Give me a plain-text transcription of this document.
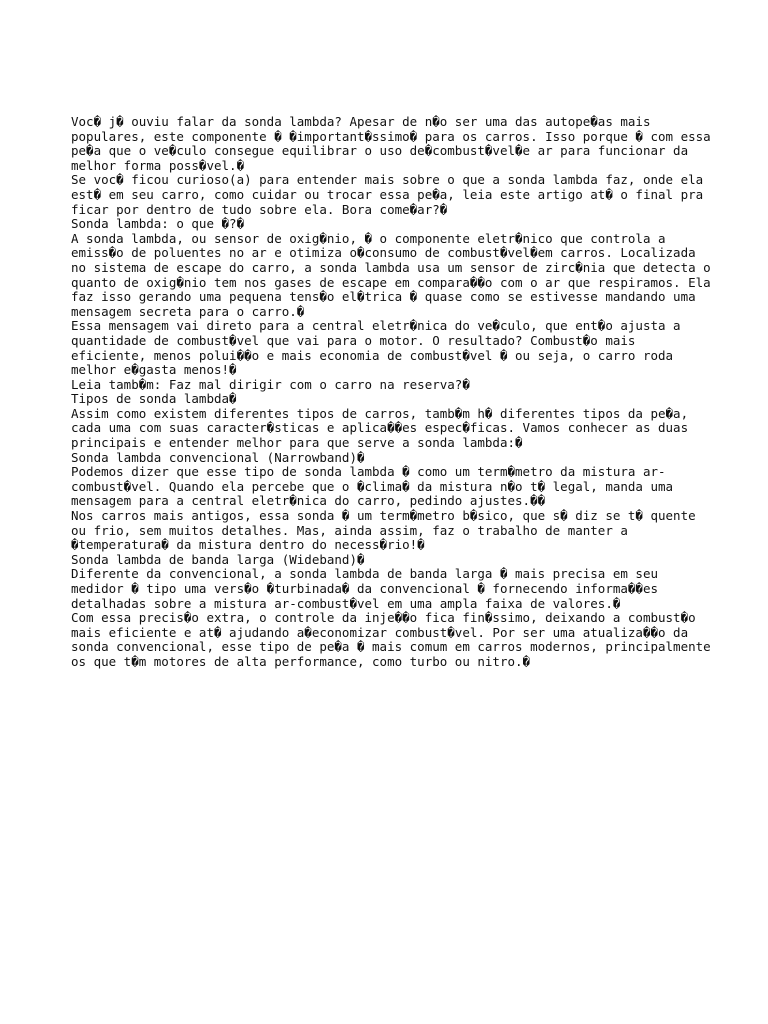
Voc� j� ouviu falar da sonda lambda? Apesar de n�o ser uma das autope�as mais populares, este componente � �important�ssimo� para os carros. Isso porque � com essa pe�a que o ve�culo consegue equilibrar o uso de�combust�vel�e ar para funcionar da melhor forma poss�vel.�

Se voc� ficou curioso(a) para entender mais sobre o que a sonda lambda faz, onde ela est� em seu carro, como cuidar ou trocar essa pe�a, leia este artigo at� o final pra ficar por dentro de tudo sobre ela. Bora come�ar?�

Sonda lambda: o que �?�

A sonda lambda, ou sensor de oxig�nio, � o componente eletr�nico que controla a emiss�o de poluentes no ar e otimiza o�consumo de combust�vel�em carros. Localizada no sistema de escape do carro, a sonda lambda usa um sensor de zirc�nia que detecta o quanto de oxig�nio tem nos gases de escape em compara��o com o ar que respiramos. Ela faz isso gerando uma pequena tens�o el�trica � quase como se estivesse mandando uma mensagem secreta para o carro.�

Essa mensagem vai direto para a central eletr�nica do ve�culo, que ent�o ajusta a quantidade de combust�vel que vai para o motor. O resultado? Combust�o mais eficiente, menos polui��o e mais economia de combust�vel � ou seja, o carro roda melhor e�gasta menos!�

Leia tamb�m: Faz mal dirigir com o carro na reserva?�

Tipos de sonda lambda�

Assim como existem diferentes tipos de carros, tamb�m h� diferentes tipos da pe�a, cada uma com suas caracter�sticas e aplica��es espec�ficas. Vamos conhecer as duas principais e entender melhor para que serve a sonda lambda:�

Sonda lambda convencional (Narrowband)�

Podemos dizer que esse tipo de sonda lambda � como um term�metro da mistura ar-combust�vel. Quando ela percebe que o �clima� da mistura n�o t� legal, manda uma mensagem para a central eletr�nica do carro, pedindo ajustes.��

Nos carros mais antigos, essa sonda � um term�metro b�sico, que s� diz se t� quente ou frio, sem muitos detalhes. Mas, ainda assim, faz o trabalho de manter a �temperatura� da mistura dentro do necess�rio!�

Sonda lambda de banda larga (Wideband)�

Diferente da convencional, a sonda lambda de banda larga � mais precisa em seu medidor � tipo uma vers�o �turbinada� da convencional � fornecendo informa��es detalhadas sobre a mistura ar-combust�vel em uma ampla faixa de valores.�

Com essa precis�o extra, o controle da inje��o fica fin�ssimo, deixando a combust�o mais eficiente e at� ajudando a�economizar combust�vel. Por ser uma atualiza��o da sonda convencional, esse tipo de pe�a � mais comum em carros modernos, principalmente os que t�m motores de alta performance, como turbo ou nitro.�
